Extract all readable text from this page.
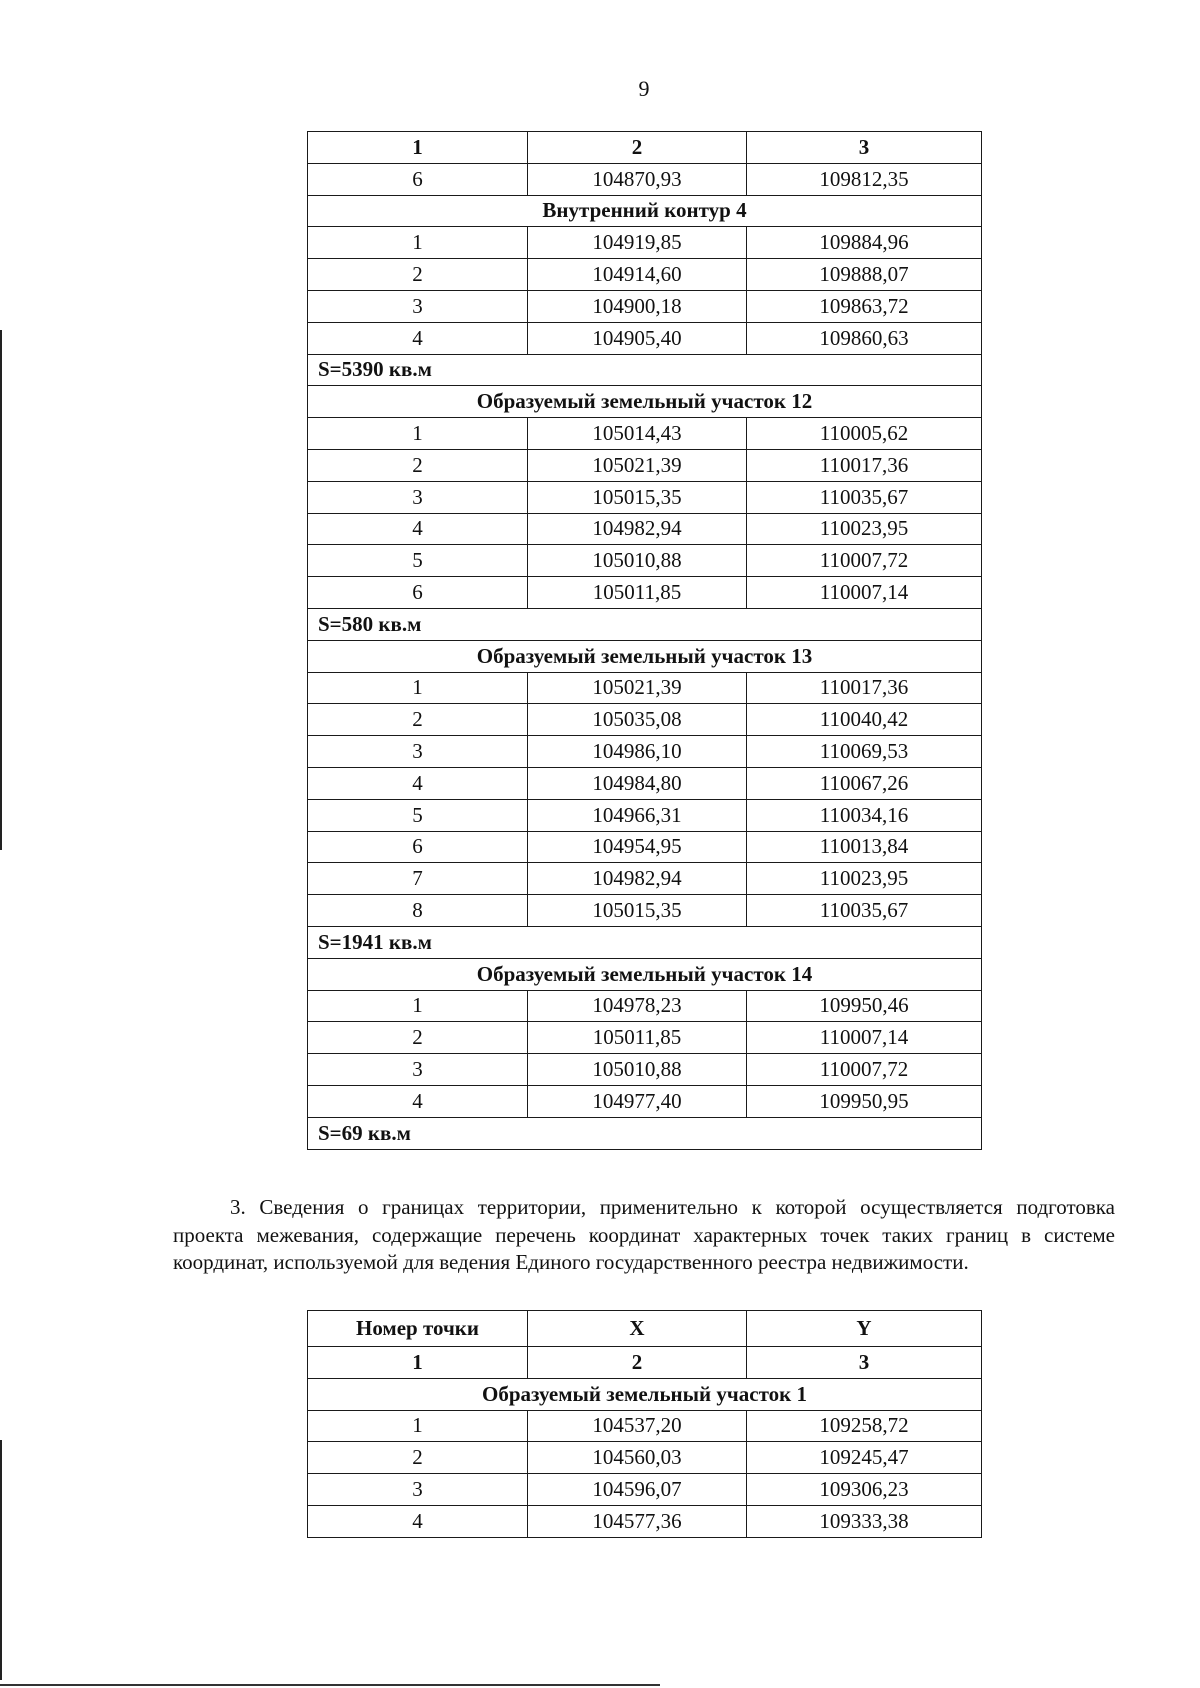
9
1	2	3
6	104870,93	109812,35
Внутренний контур 4		
1	104919,85	109884,96
2	104914,60	109888,07
3	104900,18	109863,72
4	104905,40	109860,63
S=5390 кв.м		
Образуемый земельный участок 12		
1	105014,43	110005,62
2	105021,39	110017,36
3	105015,35	110035,67
4	104982,94	110023,95
5	105010,88	110007,72
6	105011,85	110007,14
S=580 кв.м		
Образуемый земельный участок 13		
1	105021,39	110017,36
2	105035,08	110040,42
3	104986,10	110069,53
4	104984,80	110067,26
5	104966,31	110034,16
6	104954,95	110013,84
7	104982,94	110023,95
8	105015,35	110035,67
S=1941 кв.м		
Образуемый земельный участок 14		
1	104978,23	109950,46
2	105011,85	110007,14
3	105010,88	110007,72
4	104977,40	109950,95
S=69 кв.м		

3. Сведения о границах территории, применительно к которой осуществляется подготовка проекта межевания, содержащие перечень координат характерных точек таких границ в системе координат, используемой для ведения Единого государственного реестра недвижимости.

Номер точки	X	Y
1	2	3
Образуемый земельный участок 1		
1	104537,20	109258,72
2	104560,03	109245,47
3	104596,07	109306,23
4	104577,36	109333,38
